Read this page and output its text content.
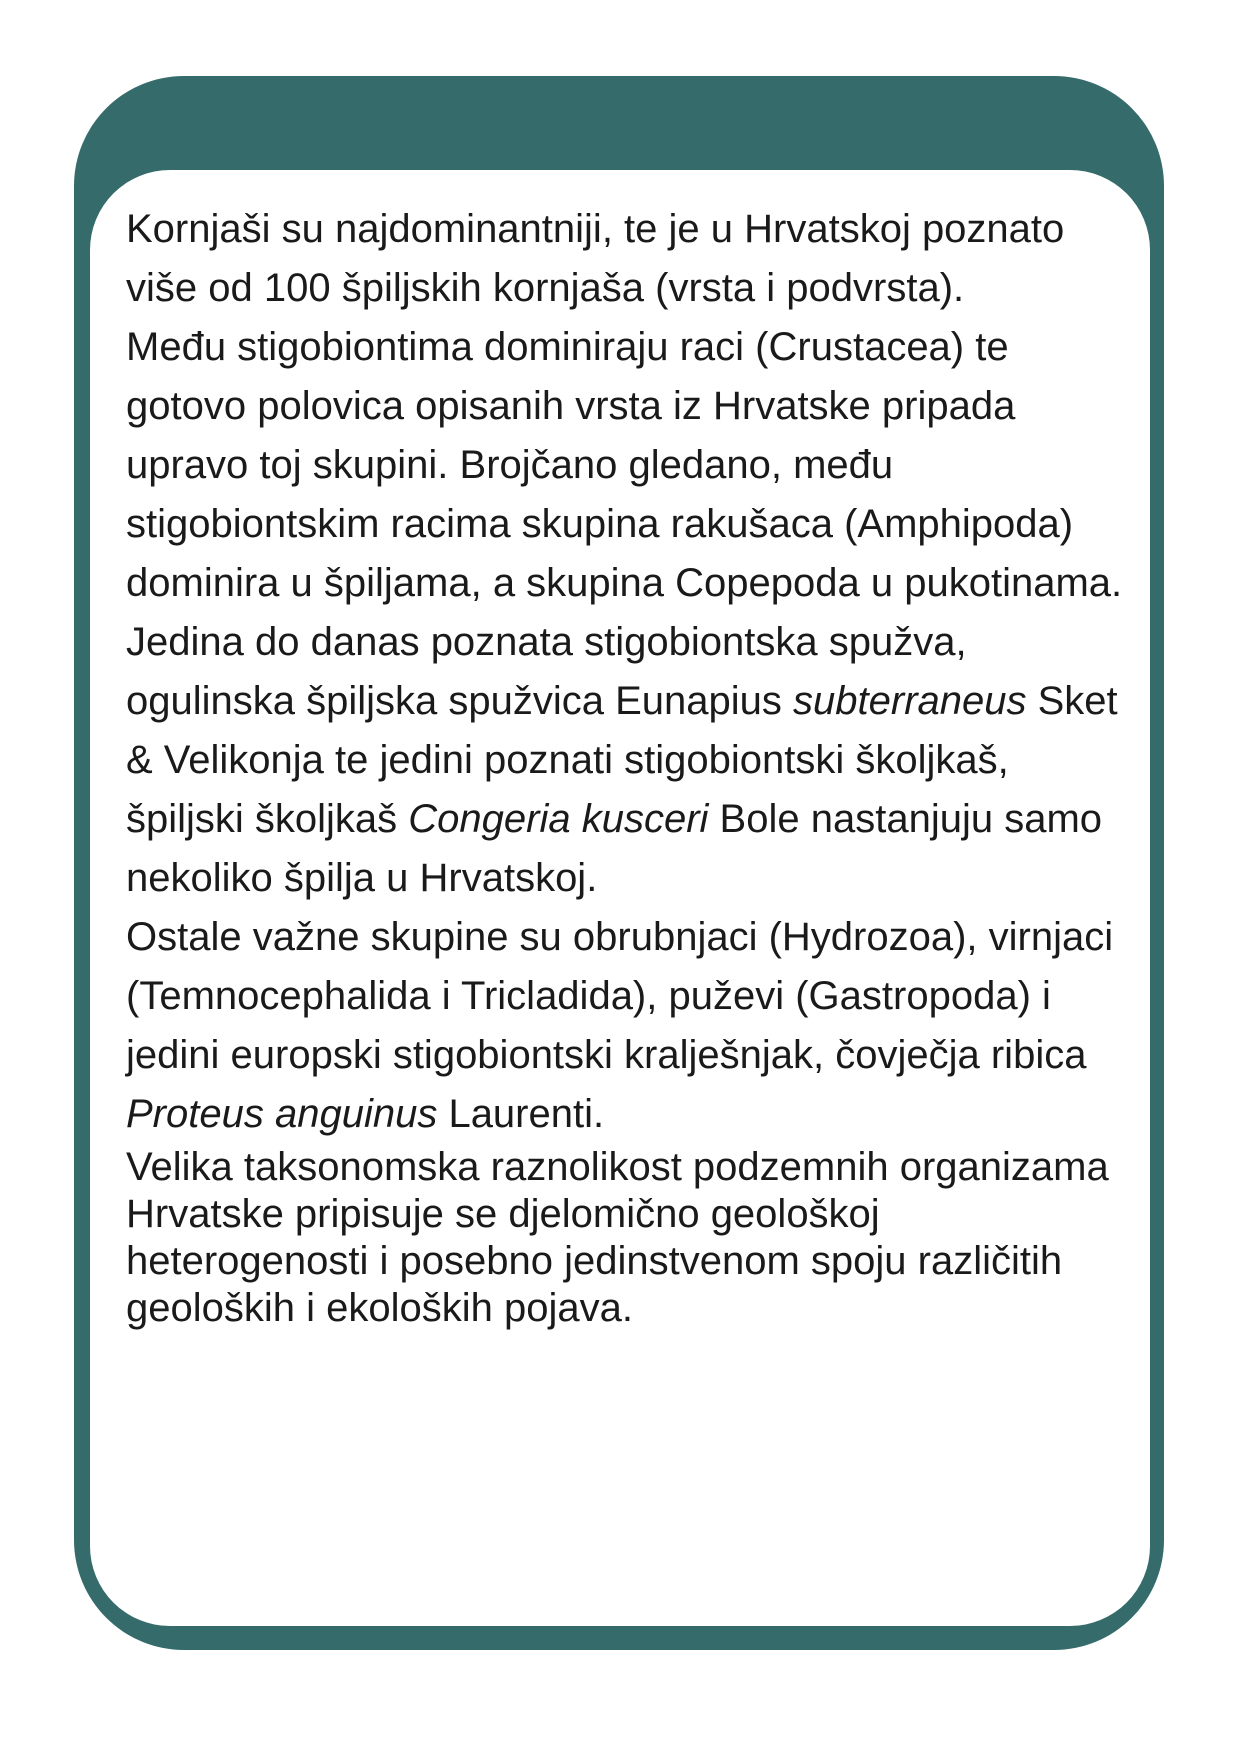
Kornjaši su najdominantniji, te je u Hrvatskoj poznato više od 100 špiljskih kornjaša (vrsta i podvrsta).

Među stigobiontima dominiraju raci (Crustacea) te gotovo polovica opisanih vrsta iz Hrvatske pripada upravo toj skupini. Brojčano gledano, među stigobiontskim racima skupina rakušaca (Amphipoda) dominira u špiljama, a skupina Copepoda u pukotinama.

Jedina do danas poznata stigobiontska spužva, ogulinska špiljska spužvica Eunapius subterraneus Sket & Velikonja te jedini poznati stigobiontski školjkaš, špiljski školjkaš Congeria kusceri Bole nastanjuju samo nekoliko špilja u Hrvatskoj.

Ostale važne skupine su obrubnjaci (Hydrozoa), virnjaci (Temnocephalida i Tricladida), puževi (Gastropoda) i jedini europski stigobiontski kralješnjak, čovječja ribica Proteus anguinus Laurenti.

Velika taksonomska raznolikost podzemnih organizama Hrvatske pripisuje se djelomično geološkoj heterogenosti i posebno jedinstvenom spoju različitih geoloških i ekoloških pojava.
